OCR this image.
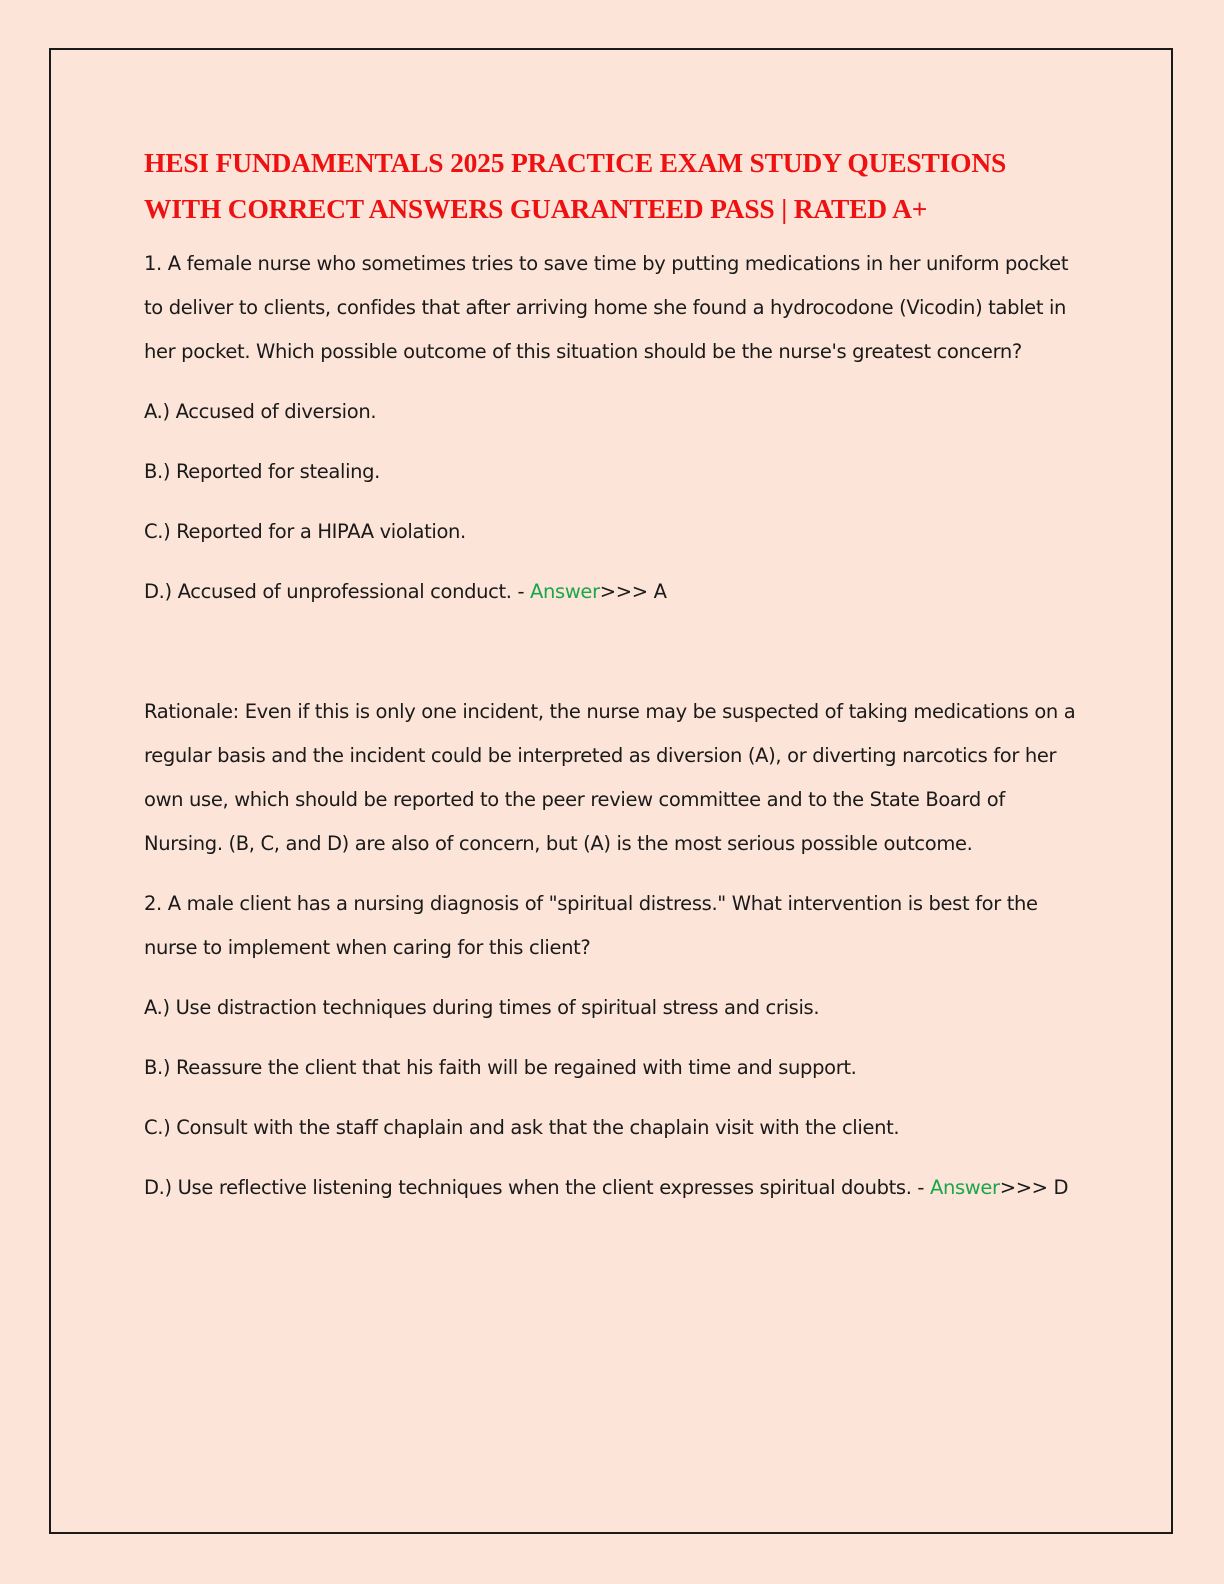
HESI FUNDAMENTALS 2025 PRACTICE EXAM STUDY QUESTIONS
WITH CORRECT ANSWERS GUARANTEED PASS | RATED A+

1. A female nurse who sometimes tries to save time by putting medications in her uniform pocket to deliver to clients, confides that after arriving home she found a hydrocodone (Vicodin) tablet in her pocket. Which possible outcome of this situation should be the nurse's greatest concern?

A.) Accused of diversion.

B.) Reported for stealing.

C.) Reported for a HIPAA violation.

D.) Accused of unprofessional conduct. - Answer>>> A

Rationale: Even if this is only one incident, the nurse may be suspected of taking medications on a regular basis and the incident could be interpreted as diversion (A), or diverting narcotics for her own use, which should be reported to the peer review committee and to the State Board of Nursing. (B, C, and D) are also of concern, but (A) is the most serious possible outcome.

2. A male client has a nursing diagnosis of "spiritual distress." What intervention is best for the nurse to implement when caring for this client?

A.) Use distraction techniques during times of spiritual stress and crisis.

B.) Reassure the client that his faith will be regained with time and support.

C.) Consult with the staff chaplain and ask that the chaplain visit with the client.

D.) Use reflective listening techniques when the client expresses spiritual doubts. - Answer>>> D
